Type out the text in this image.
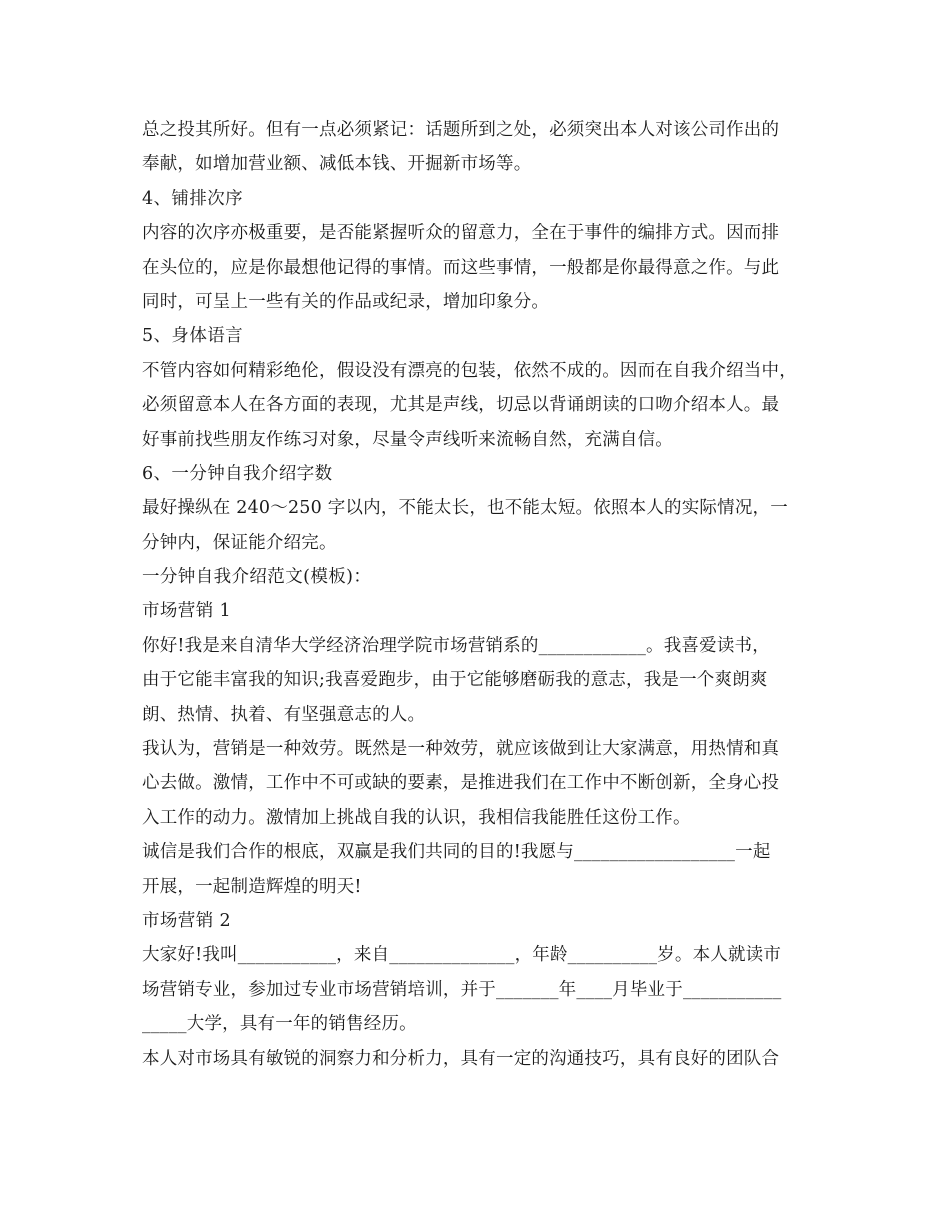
总之投其所好。但有一点必须紧记：话题所到之处，必须突出本人对该公司作出的
奉献，如增加营业额、减低本钱、开掘新市场等。
4、铺排次序
内容的次序亦极重要，是否能紧握听众的留意力，全在于事件的编排方式。因而排
在头位的，应是你最想他记得的事情。而这些事情，一般都是你最得意之作。与此
同时，可呈上一些有关的作品或纪录，增加印象分。
5、身体语言
不管内容如何精彩绝伦，假设没有漂亮的包装，依然不成的。因而在自我介绍当中，
必须留意本人在各方面的表现，尤其是声线，切忌以背诵朗读的口吻介绍本人。最
好事前找些朋友作练习对象，尽量令声线听来流畅自然，充满自信。
6、一分钟自我介绍字数
最好操纵在 240～250 字以内，不能太长，也不能太短。依照本人的实际情况，一
分钟内，保证能介绍完。
一分钟自我介绍范文(模板)：
市场营销 1
你好!我是来自清华大学经济治理学院市场营销系的____________。我喜爱读书，
由于它能丰富我的知识;我喜爱跑步，由于它能够磨砺我的意志，我是一个爽朗爽
朗、热情、执着、有坚强意志的人。
我认为，营销是一种效劳。既然是一种效劳，就应该做到让大家满意，用热情和真
心去做。激情，工作中不可或缺的要素，是推进我们在工作中不断创新，全身心投
入工作的动力。激情加上挑战自我的认识，我相信我能胜任这份工作。
诚信是我们合作的根底，双赢是我们共同的目的!我愿与__________________一起
开展，一起制造辉煌的明天!
市场营销 2
大家好!我叫___________，来自______________，年龄__________岁。本人就读市
场营销专业，参加过专业市场营销培训，并于_______年____月毕业于___________
_____大学，具有一年的销售经历。
本人对市场具有敏锐的洞察力和分析力，具有一定的沟通技巧，具有良好的团队合
